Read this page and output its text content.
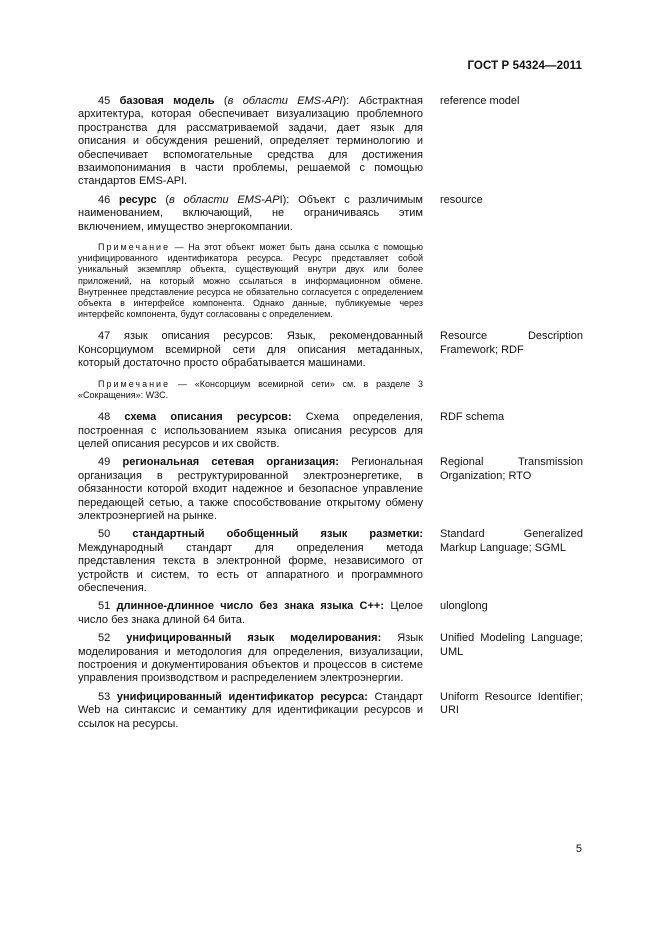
ГОСТ Р 54324—2011
45 базовая модель (в области EMS-API): Абстрактная архитектура, которая обеспечивает визуализацию проблемного пространства для рассматриваемой задачи, дает язык для описания и обсуждения решений, определяет терминологию и обеспечивает вспомогательные средства для достижения взаимопонимания в части проблемы, решаемой с помощью стандартов EMS-API.
reference model
46 ресурс (в области EMS-API): Объект с различимым наименованием, включающий, не ограничиваясь этим включением, имущество энергокомпании.
resource
Примечание — На этот объект может быть дана ссылка с помощью унифицированного идентификатора ресурса. Ресурс представляет собой уникальный экземпляр объекта, существующий внутри двух или более приложений, на который можно ссылаться в информационном обмене. Внутреннее представление ресурса не обязательно согласуется с определением объекта в интерфейсе компонента. Однако данные, публикуемые через интерфейс компонента, будут согласованы с определением.
47 язык описания ресурсов: Язык, рекомендованный Консорциумом всемирной сети для описания метаданных, который достаточно просто обрабатывается машинами.
Resource Description Framework; RDF
Примечание — «Консорциум всемирной сети» см. в разделе 3 «Сокращения»: W3C.
48 схема описания ресурсов: Схема определения, построенная с использованием языка описания ресурсов для целей описания ресурсов и их свойств.
RDF schema
49 региональная сетевая организация: Региональная организация в реструктурированной электроэнергетике, в обязанности которой входит надежное и безопасное управление передающей сетью, а также способствование открытому обмену электроэнергией на рынке.
Regional Transmission Organization; RTO
50 стандартный обобщенный язык разметки: Международный стандарт для определения метода представления текста в электронной форме, независимого от устройств и систем, то есть от аппаратного и программного обеспечения.
Standard Generalized Markup Language; SGML
51 длинное-длинное число без знака языка С++: Целое число без знака длиной 64 бита.
ulonglong
52 унифицированный язык моделирования: Язык моделирования и методология для определения, визуализации, построения и документирования объектов и процессов в системе управления производством и распределением электроэнергии.
Unified Modeling Language; UML
53 унифицированный идентификатор ресурса: Стандарт Web на синтаксис и семантику для идентификации ресурсов и ссылок на ресурсы.
Uniform Resource Identifier; URI
5
